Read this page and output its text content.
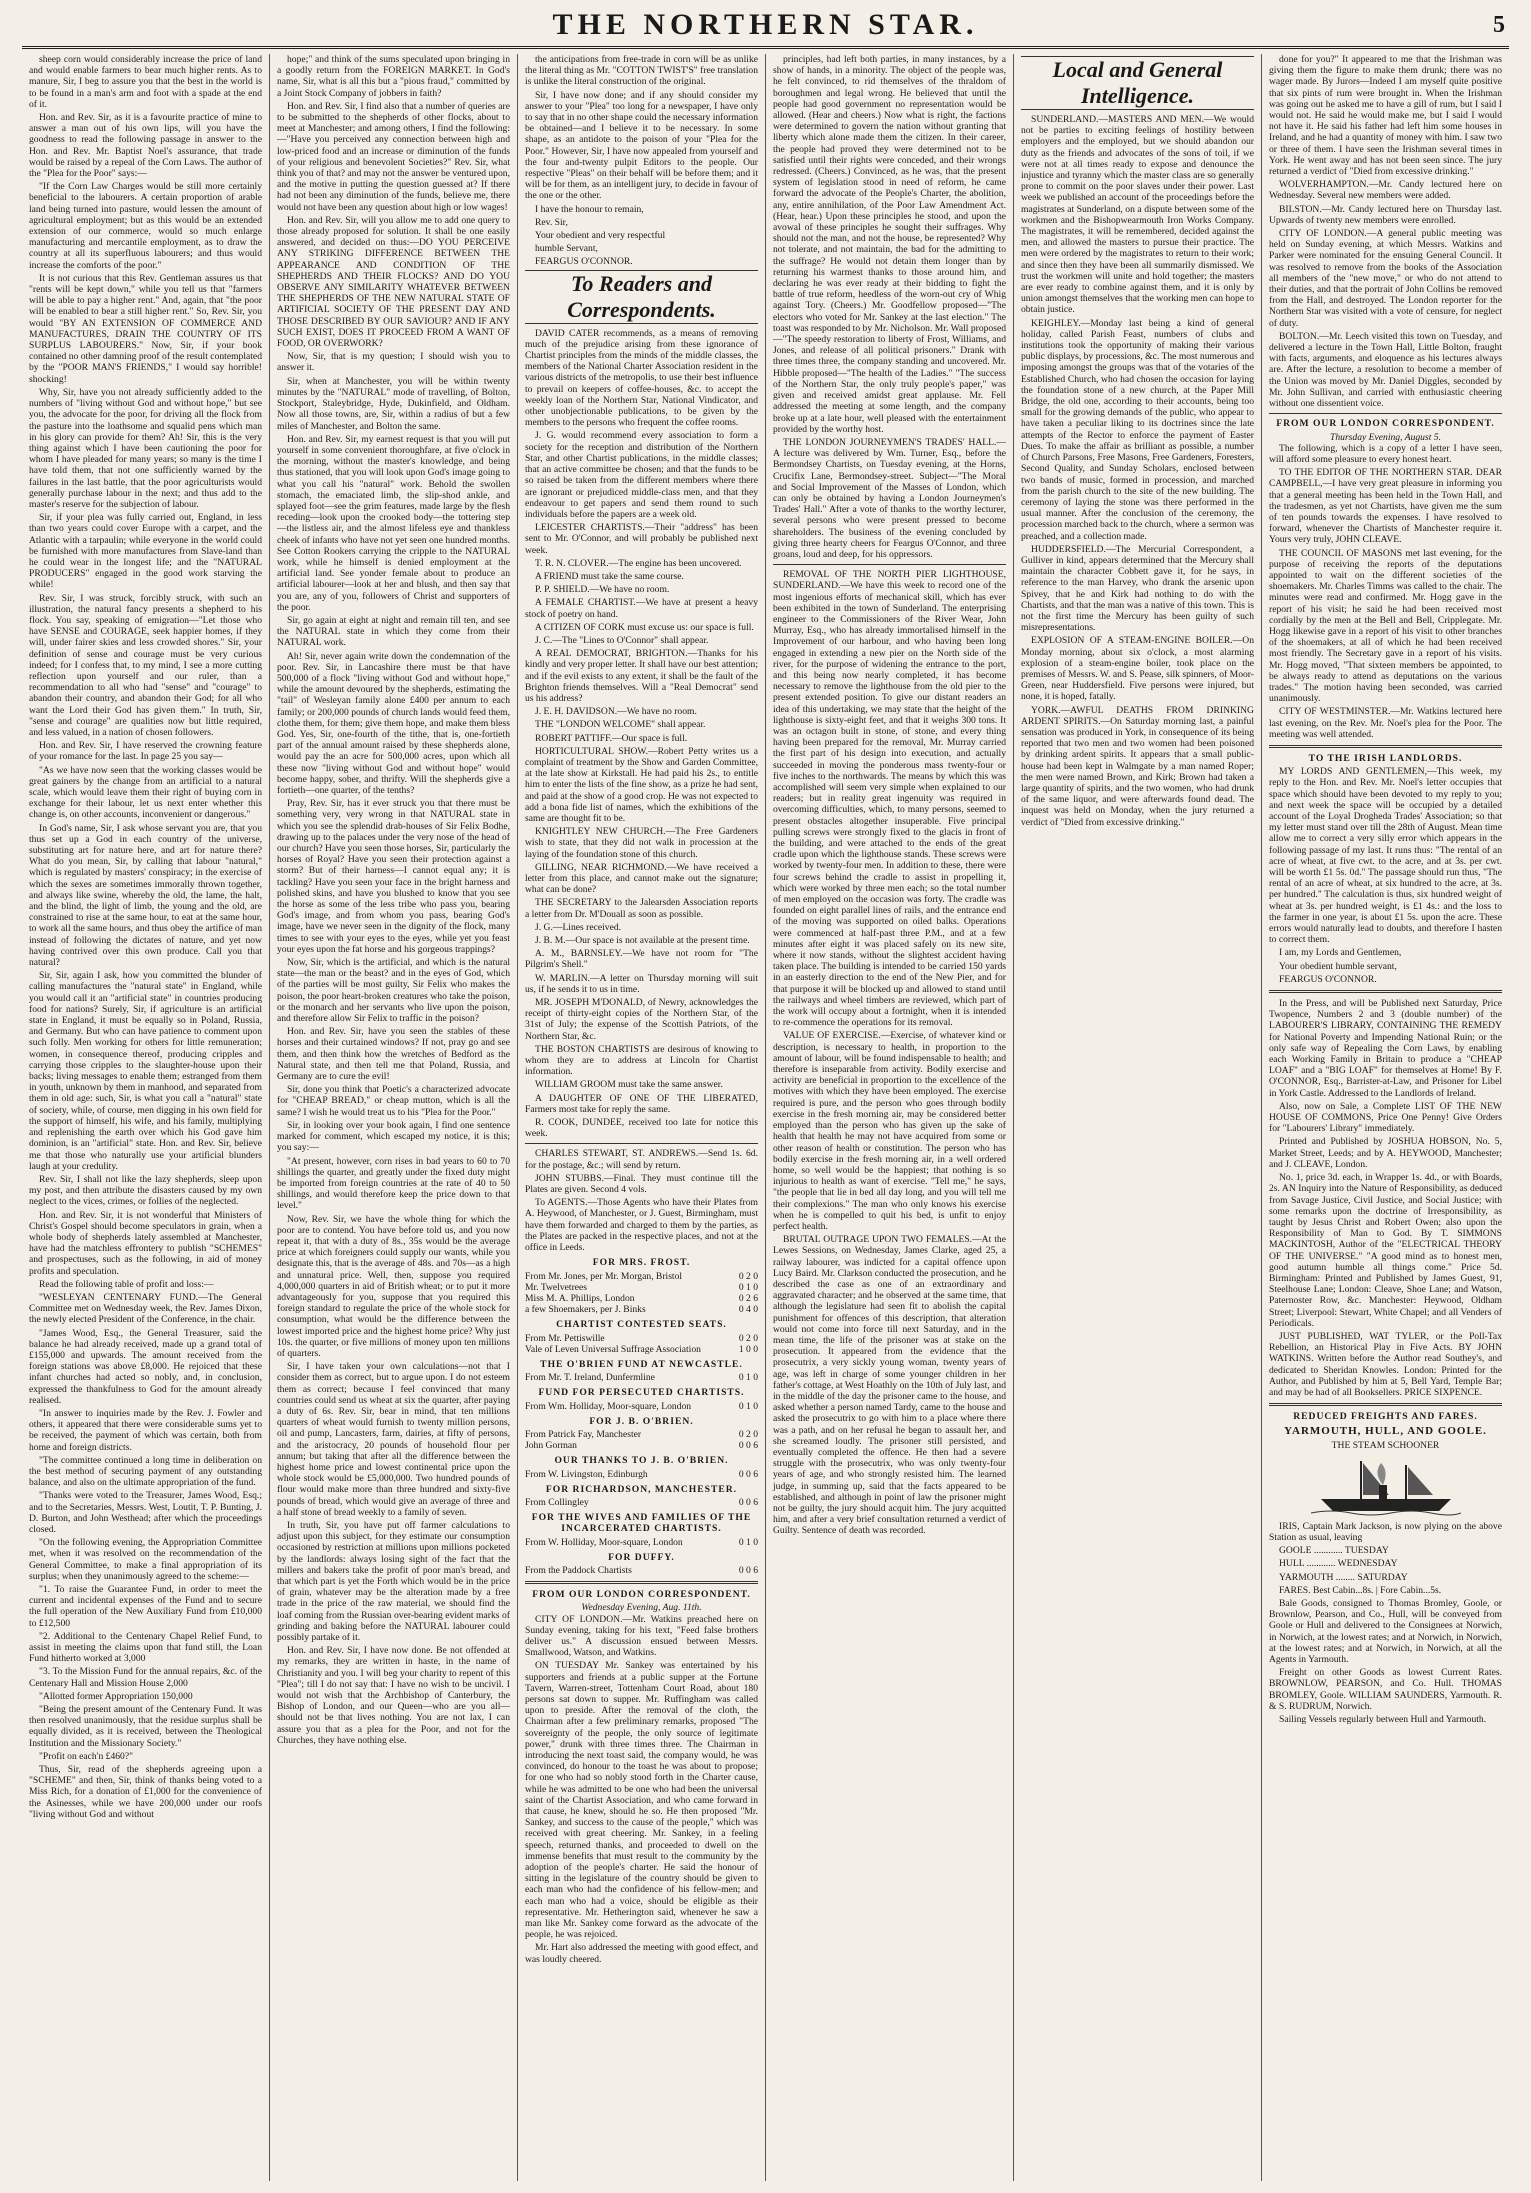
THE NORTHERN STAR.	5

sheep corn would considerably increase the price of land and would enable farmers to bear much higher rents. As to manure, Sir, I beg to assure you that the best in the world is to be found in a man's arm and foot with a spade at the end of it.

Hon. and Rev. Sir, as it is a favourite practice of mine to answer a man out of his own lips, will you have the goodness to read the following passage in answer to the Hon. and Rev. Mr. Baptist Noel's assurance, that trade would be raised by a repeal of the Corn Laws. The author of the "Plea for the Poor" says:—

"If the Corn Law Charges would be still more certainly beneficial to the labourers. A certain proportion of arable land being turned into pasture, would lessen the amount of agricultural employment; but as this would be an extended extension of our commerce, would so much enlarge manufacturing and mercantile employment, as to draw the country at all its superfluous labourers; and thus would increase the comforts of the poor."

It is not curious that this Rev. Gentleman assures us that "rents will be kept down," while you tell us that "farmers will be able to pay a higher rent." And, again, that "the poor will be enabled to bear a still higher rent." So, Rev. Sir, you would "BY AN EXTENSION OF COMMERCE AND MANUFACTURES, DRAIN THE COUNTRY OF ITS SURPLUS LABOURERS." Now, Sir, if your book contained no other damning proof of the result contemplated by the "POOR MAN'S FRIENDS," I would say horrible! shocking!

Why, Sir, have you not already sufficiently added to the numbers of "living without God and without hope," but see you, the advocate for the poor, for driving all the flock from the pasture into the loathsome and squalid pens which man in his glory can provide for them? Ah! Sir, this is the very thing against which I have been cautioning the poor for whom I have pleaded for many years; so many is the time I have told them, that not one sufficiently warned by the failures in the last battle, that the poor agriculturists would generally purchase labour in the next; and thus add to the master's reserve for the subjection of labour.

Sir, if your plea was fully carried out, England, in less than two years could cover Europe with a carpet, and the Atlantic with a tarpaulin; while everyone in the world could be furnished with more manufactures from Slave-land than he could wear in the longest life; and the "NATURAL PRODUCERS" engaged in the good work starving the while!

Rev. Sir, I was struck, forcibly struck, with such an illustration, the natural fancy presents a shepherd to his flock. You say, speaking of emigration—"Let those who have SENSE and COURAGE, seek happier homes, if they will, under fairer skies and less crowded shores." Sir, your definition of sense and courage must be very curious indeed; for I confess that, to my mind, I see a more cutting reflection upon yourself and our ruler, than a recommendation to all who had "sense" and "courage" to abandon their country, and abandon their God; for all who want the Lord their God has given them." In truth, Sir, "sense and courage" are qualities now but little required, and less valued, in a nation of chosen followers.

Hon. and Rev. Sir, I have reserved the crowning feature of your romance for the last. In page 25 you say—

"As we have now seen that the working classes would be great gainers by the change from an artificial to a natural scale, which would leave them their right of buying corn in exchange for their labour, let us next enter whether this change is, on other accounts, inconvenient or dangerous."

In God's name, Sir, I ask whose servant you are, that you thus set up a God in each country of the universe, substituting art for nature here, and art for nature there? What do you mean, Sir, by calling that labour "natural," which is regulated by masters' conspiracy; in the exercise of which the sexes are sometimes immorally thrown together, and always like swine, whereby the old, the lame, the halt, and the blind, the light of limb, the young and the old, are constrained to rise at the same hour, to eat at the same hour, to work all the same hours, and thus obey the artifice of man instead of following the dictates of nature, and yet now having contrived over this own produce. Call you that natural?

Sir, Sir, again I ask, how you committed the blunder of calling manufactures the "natural state" in England, while you would call it an "artificial state" in countries producing food for nations? Surely, Sir, if agriculture is an artificial state in England, it must be equally so in Poland, Russia, and Germany. But who can have patience to comment upon such folly. Men working for others for little remuneration; women, in consequence thereof, producing cripples and carrying those cripples to the slaughter-house upon their backs; living messages to enable them; estranged from them in youth, unknown by them in manhood, and separated from them in old age: such, Sir, is what you call a "natural" state of society, while, of course, men digging in his own field for the support of himself, his wife, and his family, multiplying and replenishing the earth over which his God gave him dominion, is an "artificial" state. Hon. and Rev. Sir, believe me that those who naturally use your artificial blunders laugh at your credulity.

Rev. Sir, I shall not like the lazy shepherds, sleep upon my post, and then attribute the disasters caused by my own neglect to the vices, crimes, or follies of the neglected.

Hon. and Rev. Sir, it is not wonderful that Ministers of Christ's Gospel should become speculators in grain, when a whole body of shepherds lately assembled at Manchester, have had the matchless effrontery to publish "SCHEMES" and prospectuses, such as the following, in aid of money profits and speculation.

Read the following table of profit and loss:—

"WESLEYAN CENTENARY FUND.—The General Committee met on Wednesday week, the Rev. James Dixon, the newly elected President of the Conference, in the chair.

"James Wood, Esq., the General Treasurer, said the balance he had already received, made up a grand total of £155,000 and upwards. The amount received from the foreign stations was above £8,000. He rejoiced that these infant churches had acted so nobly, and, in conclusion, expressed the thankfulness to God for the amount already realised.

"In answer to inquiries made by the Rev. J. Fowler and others, it appeared that there were considerable sums yet to be received, the payment of which was certain, both from home and foreign districts.

"The committee continued a long time in deliberation on the best method of securing payment of any outstanding balance, and also on the ultimate appropriation of the fund.

"Thanks were voted to the Treasurer, James Wood, Esq.; and to the Secretaries, Messrs. West, Loutit, T. P. Bunting, J. D. Burton, and John Westhead; after which the proceedings closed.

"On the following evening, the Appropriation Committee met, when it was resolved on the recommendation of the General Committee, to make a final appropriation of its surplus; when they unanimously agreed to the scheme:—

"1. To raise the Guarantee Fund, in order to meet the current and incidental expenses of the Fund and to secure the full operation of the New Auxiliary Fund from £10,000 to £12,500

"2. Additional to the Centenary Chapel Relief Fund, to assist in meeting the claims upon that fund still, the Loan Fund hitherto worked at 3,000

"3. To the Mission Fund for the annual repairs, &c. of the Centenary Hall and Mission House 2,000

"Allotted former Appropriation 150,000

"Being the present amount of the Centenary Fund. It was then resolved unanimously, that the residue surplus shall be equally divided, as it is received, between the Theological Institution and the Missionary Society."

"Profit on each'n £460?"

Thus, Sir, read of the shepherds agreeing upon a "SCHEME" and then, Sir, think of thanks being voted to a Miss Rich, for a donation of £1,000 for the convenience of the Asinesses, while we have 200,000 under our roofs "living without God and without

hope;" and think of the sums speculated upon bringing in a goodly return from the FOREIGN MARKET. In God's name, Sir, what is all this but a "pious fraud," committed by a Joint Stock Company of jobbers in faith?

Hon. and Rev. Sir, I find also that a number of queries are to be submitted to the shepherds of other flocks, about to meet at Manchester; and among others, I find the following:—"Have you perceived any connection between high and low-priced food and an increase or diminution of the funds of your religious and benevolent Societies?" Rev. Sir, what think you of that? and may not the answer be ventured upon, and the motive in putting the question guessed at? If there had not been any diminution of the funds, believe me, there would not have been any question about high or low wages!

Hon. and Rev. Sir, will you allow me to add one query to those already proposed for solution. It shall be one easily answered, and decided on thus:—DO YOU PERCEIVE ANY STRIKING DIFFERENCE BETWEEN THE APPEARANCE AND CONDITION OF THE SHEPHERDS AND THEIR FLOCKS? AND DO YOU OBSERVE ANY SIMILARITY WHATEVER BETWEEN THE SHEPHERDS OF THE NEW NATURAL STATE OF ARTIFICIAL SOCIETY OF THE PRESENT DAY AND THOSE DESCRIBED BY OUR SAVIOUR? AND IF ANY SUCH EXIST, DOES IT PROCEED FROM A WANT OF FOOD, OR OVERWORK?

Now, Sir, that is my question; I should wish you to answer it.

Sir, when at Manchester, you will be within twenty minutes by the "NATURAL" mode of travelling, of Bolton, Stockport, Staleybridge, Hyde, Dukinfield, and Oldham. Now all those towns, are, Sir, within a radius of but a few miles of Manchester, and Bolton the same.

Hon. and Rev. Sir, my earnest request is that you will put yourself in some convenient thoroughfare, at five o'clock in the morning, without the master's knowledge, and being thus stationed, that you will look upon God's image going to what you call his "natural" work. Behold the swollen stomach, the emaciated limb, the slip-shod ankle, and splayed foot—see the grim features, made large by the flesh receding—look upon the crooked body—the tottering step—the listless air, and the almost lifeless eye and thankless cheek of infants who have not yet seen one hundred months. See Cotton Rookers carrying the cripple to the NATURAL work, while he himself is denied employment at the artificial land. See yonder female about to produce an artificial labourer—look at her and blush, and then say that you are, any of you, followers of Christ and supporters of the poor.

Sir, go again at eight at night and remain till ten, and see the NATURAL state in which they come from their NATURAL work.

Ah! Sir, never again write down the condemnation of the poor. Rev. Sir, in Lancashire there must be that have 500,000 of a flock "living without God and without hope," while the amount devoured by the shepherds, estimating the "tail" of Wesleyan family alone £400 per annum to each family; or 200,000 pounds of church lands would feed them, clothe them, for them; give them hope, and make them bless God. Yes, Sir, one-fourth of the tithe, that is, one-fortieth part of the annual amount raised by these shepherds alone, would pay the an acre for 500,000 acres, upon which all these now "living without God and without hope" would become happy, sober, and thrifty. Will the shepherds give a fortieth—one quarter, of the tenths?

Pray, Rev. Sir, has it ever struck you that there must be something very, very wrong in that NATURAL state in which you see the splendid drab-houses of Sir Felix Bodhe, drawing up to the palaces under the very nose of the head of our church? Have you seen those horses, Sir, particularly the horses of Royal? Have you seen their protection against a storm? But of their harness—I cannot equal any; it is tackling? Have you seen your face in the bright harness and polished skins, and have you blushed to know that you see the horse as some of the less tribe who pass you, bearing God's image, and from whom you pass, bearing God's image, have we never seen in the dignity of the flock, many times to see with your eyes to the eyes, while yet you feast your eyes upon the fat horse and his gorgeous trappings?

Now, Sir, which is the artificial, and which is the natural state—the man or the beast? and in the eyes of God, which of the parties will be most guilty, Sir Felix who makes the poison, the poor heart-broken creatures who take the poison, or the monarch and her servants who live upon the poison, and therefore allow Sir Felix to traffic in the poison?

Hon. and Rev. Sir, have you seen the stables of these horses and their curtained windows? If not, pray go and see them, and then think how the wretches of Bedford as the Natural state, and then tell me that Poland, Russia, and Germany are to cure the evil!

Sir, done you think that Poetic's a characterized advocate for "CHEAP BREAD," or cheap mutton, which is all the same? I wish he would treat us to his "Plea for the Poor."

Sir, in looking over your book again, I find one sentence marked for comment, which escaped my notice, it is this; you say:—

"At present, however, corn rises in bad years to 60 to 70 shillings the quarter, and greatly under the fixed duty might be imported from foreign countries at the rate of 40 to 50 shillings, and would therefore keep the price down to that level."

Now, Rev. Sir, we have the whole thing for which the poor are to contend. You have before told us, and you now repeat it, that with a duty of 8s., 35s would be the average price at which foreigners could supply our wants, while you designate this, that is the average of 48s. and 70s—as a high and unnatural price. Well, then, suppose you required 4,000,000 quarters in aid of British wheat; or to put it more advantageously for you, suppose that you required this foreign standard to regulate the price of the whole stock for consumption, what would be the difference between the lowest imported price and the highest home price? Why just 10s. the quarter, or five millions of money upon ten millions of quarters.

Sir, I have taken your own calculations—not that I consider them as correct, but to argue upon. I do not esteem them as correct; because I feel convinced that many countries could send us wheat at six the quarter, after paying a duty of 6s. Rev. Sir, bear in mind, that ten millions quarters of wheat would furnish to twenty million persons, oil and pump, Lancasters, farm, dairies, at fifty of persons, and the aristocracy, 20 pounds of household flour per annum; but taking that after all the difference between the highest home price and lowest continental price upon the whole stock would be £5,000,000. Two hundred pounds of flour would make more than three hundred and sixty-five pounds of bread, which would give an average of three and a half stone of bread weekly to a family of seven.

In truth, Sir, you have put off farmer calculations to adjust upon this subject, for they estimate our consumption occasioned by restriction at millions upon millions pocketed by the landlords: always losing sight of the fact that the millers and bakers take the profit of poor man's bread, and that which part is yet the Forth which would be in the price of grain, whatever may be the alteration made by a free trade in the price of the raw material, we should find the loaf coming from the Russian over-bearing evident marks of grinding and baking before the NATURAL labourer could possibly partake of it.

Hon. and Rev. Sir, I have now done. Be not offended at my remarks, they are written in haste, in the name of Christianity and you. I will beg your charity to repent of this "Plea"; till I do not say that: I have no wish to be uncivil. I would not wish that the Archbishop of Canterbury, the Bishop of London, and our Queen—who are you all—should not be that lives nothing. You are not lax, I can assure you that as a plea for the Poor, and not for the Churches, they have nothing else.

the anticipations from free-trade in corn will be as unlike the literal thing as Mr. "COTTON TWIST'S" free translation is unlike the literal construction of the original.

Sir, I have now done; and if any should consider my answer to your "Plea" too long for a newspaper, I have only to say that in no other shape could the necessary information be obtained—and I believe it to be necessary. In some shape, as an antidote to the poison of your "Plea for the Poor." However, Sir, I have now appealed from yourself and the four and-twenty pulpit Editors to the people. Our respective "Pleas" on their behalf will be before them; and it will be for them, as an intelligent jury, to decide in favour of the one or the other.

I have the honour to remain,

Rev. Sir,

Your obedient and very respectful

humble Servant,

FEARGUS O'CONNOR.

To Readers and Correspondents.

DAVID CATER recommends, as a means of removing much of the prejudice arising from these ignorance of Chartist principles from the minds of the middle classes, the members of the National Charter Association resident in the various districts of the metropolis, to use their best influence to prevail on keepers of coffee-houses, &c. to accept the weekly loan of the Northern Star, National Vindicator, and other unobjectionable publications, to be given by the members to the persons who frequent the coffee rooms.

J. G. would recommend every association to form a society for the reception and distribution of the Northern Star, and other Chartist publications, in the middle classes; that an active committee be chosen; and that the funds to be so raised be taken from the different members where there are ignorant or prejudiced middle-class men, and that they endeavour to get papers and send them round to such individuals before the papers are a week old.

LEICESTER CHARTISTS.—Their "address" has been sent to Mr. O'Connor, and will probably be published next week.

T. R. N. CLOVER.—The engine has been uncovered.

A FRIEND must take the same course.

P. P. SHIELD.—We have no room.

A FEMALE CHARTIST.—We have at present a heavy stock of poetry on hand.

A CITIZEN OF CORK must excuse us: our space is full.

J. C.—The "Lines to O'Connor" shall appear.

A REAL DEMOCRAT, BRIGHTON.—Thanks for his kindly and very proper letter. It shall have our best attention; and if the evil exists to any extent, it shall be the fault of the Brighton friends themselves. Will a "Real Democrat" send us his address?

J. E. H. DAVIDSON.—We have no room.

THE "LONDON WELCOME" shall appear.

ROBERT PATTIFF.—Our space is full.

HORTICULTURAL SHOW.—Robert Petty writes us a complaint of treatment by the Show and Garden Committee, at the late show at Kirkstall. He had paid his 2s., to entitle him to enter the lists of the fine show, as a prize he had sent, and paid at the show of a good crop. He was not expected to add a bona fide list of names, which the exhibitions of the same are thought fit to be.

KNIGHTLEY NEW CHURCH.—The Free Gardeners wish to state, that they did not walk in procession at the laying of the foundation stone of this church.

GILLING, NEAR RICHMOND.—We have received a letter from this place, and cannot make out the signature; what can be done?

THE SECRETARY to the Jalearsden Association reports a letter from Dr. M'Douall as soon as possible.

J. G.—Lines received.

J. B. M.—Our space is not available at the present time.

A. M., BARNSLEY.—We have not room for "The Pilgrim's Shell."

W. MARLIN.—A letter on Thursday morning will suit us, if he sends it to us in time.

MR. JOSEPH M'DONALD, of Newry, acknowledges the receipt of thirty-eight copies of the Northern Star, of the 31st of July; the expense of the Scottish Patriots, of the Northern Star, &c.

THE BOSTON CHARTISTS are desirous of knowing to whom they are to address at Lincoln for Chartist information.

WILLIAM GROOM must take the same answer.

A DAUGHTER OF ONE OF THE LIBERATED, Farmers most take for reply the same.

R. COOK, DUNDEE, received too late for notice this week.

CHARLES STEWART, ST. ANDREWS.—Send 1s. 6d. for the postage, &c.; will send by return.

JOHN STUBBS.—Final. They must continue till the Plates are given. Second 4 vols.

To AGENTS.—Those Agents who have their Plates from A. Heywood, of Manchester, or J. Guest, Birmingham, must have them forwarded and charged to them by the parties, as the Plates are packed in the respective places, and not at the office in Leeds.

FOR MRS. FROST.
From Mr. Jones, per Mr. Morgan, Bristol	0 2 0
Mr. Twelvetrees	0 1 0
Miss M. A. Phillips, London	0 2 6
a few Shoemakers, per J. Binks	0 4 0
CHARTIST CONTESTED SEATS.
From Mr. Pettiswille	0 2 0
Vale of Leven Universal Suffrage Association	1 0 0
THE O'BRIEN FUND AT NEWCASTLE.
From Mr. T. Ireland, Dunfermline	0 1 0
FUND FOR PERSECUTED CHARTISTS.
From Wm. Holliday, Moor-square, London	0 1 0
FOR J. B. O'BRIEN.
From Patrick Fay, Manchester	0 2 0
John Gorman	0 0 6
OUR THANKS TO J. B. O'BRIEN.
From W. Livingston, Edinburgh	0 0 6
FOR RICHARDSON, MANCHESTER.
From Collingley	0 0 6
FOR THE WIVES AND FAMILIES OF THE INCARCERATED CHARTISTS.
From W. Holliday, Moor-square, London	0 1 0
FOR DUFFY.
From the Paddock Chartists	0 0 6
FROM OUR LONDON CORRESPONDENT.
Wednesday Evening, Aug. 11th.

CITY OF LONDON.—Mr. Watkins preached here on Sunday evening, taking for his text, "Feed false brothers deliver us." A discussion ensued between Messrs. Smallwood, Watson, and Watkins.

ON TUESDAY Mr. Sankey was entertained by his supporters and friends at a public supper at the Fortune Tavern, Warren-street, Tottenham Court Road, about 180 persons sat down to supper. Mr. Ruffingham was called upon to preside. After the removal of the cloth, the Chairman after a few preliminary remarks, proposed "The sovereignty of the people, the only source of legitimate power," drunk with three times three. The Chairman in introducing the next toast said, the company would, he was convinced, do honour to the toast he was about to propose; for one who had so nobly stood forth in the Charter cause, while he was admitted to be one who had been the universal saint of the Chartist Association, and who came forward in that cause, he knew, should he so. He then proposed "Mr. Sankey, and success to the cause of the people," which was received with great cheering. Mr. Sankey, in a feeling speech, returned thanks, and proceeded to dwell on the immense benefits that must result to the community by the adoption of the people's charter. He said the honour of sitting in the legislature of the country should be given to each man who had the confidence of his fellow-men; and each man who had a voice, should be eligible as their representative. Mr. Hetherington said, whenever he saw a man like Mr. Sankey come forward as the advocate of the people, he was rejoiced.

Mr. Hart also addressed the meeting with good effect, and was loudly cheered.

principles, had left both parties, in many instances, by a show of hands, in a minority. The object of the people was, he felt convinced, to rid themselves of the thraldom of boroughmen and legal wrong. He believed that until the people had good government no representation would be allowed. (Hear and cheers.) Now what is right, the factions were determined to govern the nation without granting that liberty which alone made them the citizen. In their career, the people had proved they were determined not to be satisfied until their rights were conceded, and their wrongs redressed. (Cheers.) Convinced, as he was, that the present system of legislation stood in need of reform, he came forward the advocate of the People's Charter, the abolition, any, entire annihilation, of the Poor Law Amendment Act. (Hear, hear.) Upon these principles he stood, and upon the avowal of these principles he sought their suffrages. Why should not the man, and not the house, be represented? Why not tolerate, and not maintain, the bad for the admitting to the suffrage? He would not detain them longer than by returning his warmest thanks to those around him, and declaring he was ever ready at their bidding to fight the battle of true reform, heedless of the worn-out cry of Whig against Tory. (Cheers.) Mr. Goodfellow proposed—"The electors who voted for Mr. Sankey at the last election." The toast was responded to by Mr. Nicholson. Mr. Wall proposed—"The speedy restoration to liberty of Frost, Williams, and Jones, and release of all political prisoners." Drank with three times three, the company standing and uncovered. Mr. Hibble proposed—"The health of the Ladies." "The success of the Northern Star, the only truly people's paper," was given and received amidst great applause. Mr. Fell addressed the meeting at some length, and the company broke up at a late hour, well pleased with the entertainment provided by the worthy host.

THE LONDON JOURNEYMEN'S TRADES' HALL.—A lecture was delivered by Wm. Turner, Esq., before the Bermondsey Chartists, on Tuesday evening, at the Horns, Crucifix Lane, Bermondsey-street. Subject—"The Moral and Social Improvement of the Masses of London, which can only be obtained by having a London Journeymen's Trades' Hall." After a vote of thanks to the worthy lecturer, several persons who were present pressed to become shareholders. The business of the evening concluded by giving three hearty cheers for Feargus O'Connor, and three groans, loud and deep, for his oppressors.

REMOVAL OF THE NORTH PIER LIGHTHOUSE, SUNDERLAND.—We have this week to record one of the most ingenious efforts of mechanical skill, which has ever been exhibited in the town of Sunderland. The enterprising engineer to the Commissioners of the River Wear, John Murray, Esq., who has already immortalised himself in the Improvement of our harbour, and who having been long engaged in extending a new pier on the North side of the river, for the purpose of widening the entrance to the port, and this being now nearly completed, it has become necessary to remove the lighthouse from the old pier to the present extended position. To give our distant readers an idea of this undertaking, we may state that the height of the lighthouse is sixty-eight feet, and that it weighs 300 tons. It was an octagon built in stone, of stone, and every thing having been prepared for the removal, Mr. Murray carried the first part of his design into execution, and actually succeeded in moving the ponderous mass twenty-four or five inches to the northwards. The means by which this was accomplished will seem very simple when explained to our readers; but in reality great ingenuity was required in overcoming difficulties, which, to many persons, seemed to present obstacles altogether insuperable. Five principal pulling screws were strongly fixed to the glacis in front of the building, and were attached to the ends of the great cradle upon which the lighthouse stands. These screws were worked by twenty-four men. In addition to these, there were four screws behind the cradle to assist in propelling it, which were worked by three men each; so the total number of men employed on the occasion was forty. The cradle was founded on eight parallel lines of rails, and the entrance end of the moving was supported on oiled balks. Operations were commenced at half-past three P.M., and at a few minutes after eight it was placed safely on its new site, where it now stands, without the slightest accident having taken place. The building is intended to be carried 150 yards in an easterly direction to the end of the New Pier, and for that purpose it will be blocked up and allowed to stand until the railways and wheel timbers are reviewed, which part of the work will occupy about a fortnight, when it is intended to re-commence the operations for its removal.

VALUE OF EXERCISE.—Exercise, of whatever kind or description, is necessary to health, in proportion to the amount of labour, will be found indispensable to health; and therefore is inseparable from activity. Bodily exercise and activity are beneficial in proportion to the excellence of the motives with which they have been employed. The exercise required is pure, and the person who goes through bodily exercise in the fresh morning air, may be considered better employed than the person who has given up the sake of health that health he may not have acquired from some or other reason of health or constitution. The person who has bodily exercise in the fresh morning air, in a well ordered home, so well would be the happiest; that nothing is so injurious to health as want of exercise. "Tell me," he says, "the people that lie in bed all day long, and you will tell me their complexions." The man who only knows his exercise when he is compelled to quit his bed, is unfit to enjoy perfect health.

BRUTAL OUTRAGE UPON TWO FEMALES.—At the Lewes Sessions, on Wednesday, James Clarke, aged 25, a railway labourer, was indicted for a capital offence upon Lucy Baird. Mr. Clarkson conducted the prosecution, and he described the case as one of an extraordinary and aggravated character; and he observed at the same time, that although the legislature had seen fit to abolish the capital punishment for offences of this description, that alteration would not come into force till next Saturday, and in the mean time, the life of the prisoner was at stake on the prosecution. It appeared from the evidence that the prosecutrix, a very sickly young woman, twenty years of age, was left in charge of some younger children in her father's cottage, at West Hoathly on the 10th of July last, and in the middle of the day the prisoner came to the house, and asked whether a person named Tardy, came to the house and asked the prosecutrix to go with him to a place where there was a path, and on her refusal he began to assault her, and she screamed loudly. The prisoner still persisted, and eventually completed the offence. He then had a severe struggle with the prosecutrix, who was only twenty-four years of age, and who strongly resisted him. The learned judge, in summing up, said that the facts appeared to be established, and although in point of law the prisoner might not be guilty, the jury should acquit him. The jury acquitted him, and after a very brief consultation returned a verdict of Guilty. Sentence of death was recorded.

Local and General Intelligence.

SUNDERLAND.—MASTERS AND MEN.—We would not be parties to exciting feelings of hostility between employers and the employed, but we should abandon our duty as the friends and advocates of the sons of toil, if we were not at all times ready to expose and denounce the injustice and tyranny which the master class are so generally prone to commit on the poor slaves under their power. Last week we published an account of the proceedings before the magistrates at Sunderland, on a dispute between some of the workmen and the Bishopwearmouth Iron Works Company. The magistrates, it will be remembered, decided against the men, and allowed the masters to pursue their practice. The men were ordered by the magistrates to return to their work; and since then they have been all summarily dismissed. We trust the workmen will unite and hold together; the masters are ever ready to combine against them, and it is only by union amongst themselves that the working men can hope to obtain justice.

KEIGHLEY.—Monday last being a kind of general holiday, called Parish Feast, numbers of clubs and institutions took the opportunity of making their various public displays, by processions, &c. The most numerous and imposing amongst the groups was that of the votaries of the Established Church, who had chosen the occasion for laying the foundation stone of a new church, at the Paper Mill Bridge, the old one, according to their accounts, being too small for the growing demands of the public, who appear to have taken a peculiar liking to its doctrines since the late attempts of the Rector to enforce the payment of Easter Dues. To make the affair as brilliant as possible, a number of Church Parsons, Free Masons, Free Gardeners, Foresters, Second Quality, and Sunday Scholars, enclosed between two bands of music, formed in procession, and marched from the parish church to the site of the new building. The ceremony of laying the stone was there performed in the usual manner. After the conclusion of the ceremony, the procession marched back to the church, where a sermon was preached, and a collection made.

HUDDERSFIELD.—The Mercurial Correspondent, a Gulliver in kind, appears determined that the Mercury shall maintain the character Cobbett gave it, for he says, in reference to the man Harvey, who drank the arsenic upon Spivey, that he and Kirk had nothing to do with the Chartists, and that the man was a native of this town. This is not the first time the Mercury has been guilty of such misrepresentations.

EXPLOSION OF A STEAM-ENGINE BOILER.—On Monday morning, about six o'clock, a most alarming explosion of a steam-engine boiler, took place on the premises of Messrs. W. and S. Pease, silk spinners, of Moor-Green, near Huddersfield. Five persons were injured, but none, it is hoped, fatally.

YORK.—AWFUL DEATHS FROM DRINKING ARDENT SPIRITS.—On Saturday morning last, a painful sensation was produced in York, in consequence of its being reported that two men and two women had been poisoned by drinking ardent spirits. It appears that a small public-house had been kept in Walmgate by a man named Roper; the men were named Brown, and Kirk; Brown had taken a large quantity of spirits, and the two women, who had drunk of the same liquor, and were afterwards found dead. The inquest was held on Monday, when the jury returned a verdict of "Died from excessive drinking."

done for you?" It appeared to me that the Irishman was giving them the figure to make them drunk; there was no wager made. By Jurors—Indeed I am myself quite positive that six pints of rum were brought in. When the Irishman was going out he asked me to have a gill of rum, but I said I would not. He said he would make me, but I said I would not have it. He said his father had left him some houses in Ireland, and he had a quantity of money with him. I saw two or three of them. I have seen the Irishman several times in York. He went away and has not been seen since. The jury returned a verdict of "Died from excessive drinking."

WOLVERHAMPTON.—Mr. Candy lectured here on Wednesday. Several new members were added.

BILSTON.—Mr. Candy lectured here on Thursday last. Upwards of twenty new members were enrolled.

CITY OF LONDON.—A general public meeting was held on Sunday evening, at which Messrs. Watkins and Parker were nominated for the ensuing General Council. It was resolved to remove from the books of the Association all members of the "new move," or who do not attend to their duties, and that the portrait of John Collins be removed from the Hall, and destroyed. The London reporter for the Northern Star was visited with a vote of censure, for neglect of duty.

BOLTON.—Mr. Leech visited this town on Tuesday, and delivered a lecture in the Town Hall, Little Bolton, fraught with facts, arguments, and eloquence as his lectures always are. After the lecture, a resolution to become a member of the Union was moved by Mr. Daniel Diggles, seconded by Mr. John Sullivan, and carried with enthusiastic cheering without one dissentient voice.

FROM OUR LONDON CORRESPONDENT.
Thursday Evening, August 5.

The following, which is a copy of a letter I have seen, will afford some pleasure to every honest heart.

TO THE EDITOR OF THE NORTHERN STAR. DEAR CAMPBELL,—I have very great pleasure in informing you that a general meeting has been held in the Town Hall, and the tradesmen, as yet not Chartists, have given me the sum of ten pounds towards the expenses. I have resolved to forward, whenever the Chartists of Manchester require it. Yours very truly, JOHN CLEAVE.

THE COUNCIL OF MASONS met last evening, for the purpose of receiving the reports of the deputations appointed to wait on the different societies of the shoemakers. Mr. Charles Timms was called to the chair. The minutes were read and confirmed. Mr. Hogg gave in the report of his visit; he said he had been received most cordially by the men at the Bell and Bell, Cripplegate. Mr. Hogg likewise gave in a report of his visit to other branches of the shoemakers, at all of which he had been received most friendly. The Secretary gave in a report of his visits. Mr. Hogg moved, "That sixteen members be appointed, to be always ready to attend as deputations on the various trades." The motion having been seconded, was carried unanimously.

CITY OF WESTMINSTER.—Mr. Watkins lectured here last evening, on the Rev. Mr. Noel's plea for the Poor. The meeting was well attended.

TO THE IRISH LANDLORDS.

MY LORDS AND GENTLEMEN,—This week, my reply to the Hon. and Rev. Mr. Noel's letter occupies that space which should have been devoted to my reply to you; and next week the space will be occupied by a detailed account of the Loyal Drogheda Trades' Association; so that my letter must stand over till the 28th of August. Mean time allow me to correct a very silly error which appears in the following passage of my last. It runs thus: "The rental of an acre of wheat, at five cwt. to the acre, and at 3s. per cwt. will be worth £1 5s. 0d." The passage should run thus, "The rental of an acre of wheat, at six hundred to the acre, at 3s. per hundred." The calculation is thus, six hundred weight of wheat at 3s. per hundred weight, is £1 4s.: and the loss to the farmer in one year, is about £1 5s. upon the acre. These errors would naturally lead to doubts, and therefore I hasten to correct them.

I am, my Lords and Gentlemen,

Your obedient humble servant,

FEARGUS O'CONNOR.

In the Press, and will be Published next Saturday, Price Twopence, Numbers 2 and 3 (double number) of the LABOURER'S LIBRARY, CONTAINING THE REMEDY for National Poverty and Impending National Ruin; or the only safe way of Repealing the Corn Laws, by enabling each Working Family in Britain to produce a "CHEAP LOAF" and a "BIG LOAF" for themselves at Home! By F. O'CONNOR, Esq., Barrister-at-Law, and Prisoner for Libel in York Castle. Addressed to the Landlords of Ireland.

Also, now on Sale, a Complete LIST OF THE NEW HOUSE OF COMMONS, Price One Penny! Give Orders for "Labourers' Library" immediately.

Printed and Published by JOSHUA HOBSON, No. 5, Market Street, Leeds; and by A. HEYWOOD, Manchester; and J. CLEAVE, London.

No. 1, price 3d. each, in Wrapper 1s. 4d., or with Boards, 2s. AN Inquiry into the Nature of Responsibility, as deduced from Savage Justice, Civil Justice, and Social Justice; with some remarks upon the doctrine of Irresponsibility, as taught by Jesus Christ and Robert Owen; also upon the Responsibility of Man to God. By T. SIMMONS MACKINTOSH, Author of the "ELECTRICAL THEORY OF THE UNIVERSE." "A good mind as to honest men, good autumn humble all things come." Price 5d. Birmingham: Printed and Published by James Guest, 91, Steelhouse Lane; London: Cleave, Shoe Lane; and Watson, Paternoster Row, &c. Manchester: Heywood, Oldham Street; Liverpool: Stewart, White Chapel; and all Venders of Periodicals.

JUST PUBLISHED, WAT TYLER, or the Poll-Tax Rebellion, an Historical Play in Five Acts. BY JOHN WATKINS. Written before the Author read Southey's, and dedicated to Sheridan Knowles. London: Printed for the Author, and Published by him at 5, Bell Yard, Temple Bar; and may be had of all Booksellers. PRICE SIXPENCE.

REDUCED FREIGHTS AND FARES.
YARMOUTH, HULL, AND GOOLE.
THE STEAM SCHOONER

IRIS, Captain Mark Jackson, is now plying on the above Station as usual, leaving

GOOLE ............ TUESDAY

HULL ............ WEDNESDAY

YARMOUTH ........ SATURDAY

FARES. Best Cabin...8s. | Fore Cabin...5s.

Bale Goods, consigned to Thomas Bromley, Goole, or Brownlow, Pearson, and Co., Hull, will be conveyed from Goole or Hull and delivered to the Consignees at Norwich, in Norwich, at the lowest rates; and at Norwich, in Norwich, at the lowest rates; and at Norwich, in Norwich, at all the Agents in Yarmouth.

Freight on other Goods as lowest Current Rates. BROWNLOW, PEARSON, and Co. Hull. THOMAS BROMLEY, Goole. WILLIAM SAUNDERS, Yarmouth. R. & S. RUDRUM, Norwich.

Sailing Vessels regularly between Hull and Yarmouth.
